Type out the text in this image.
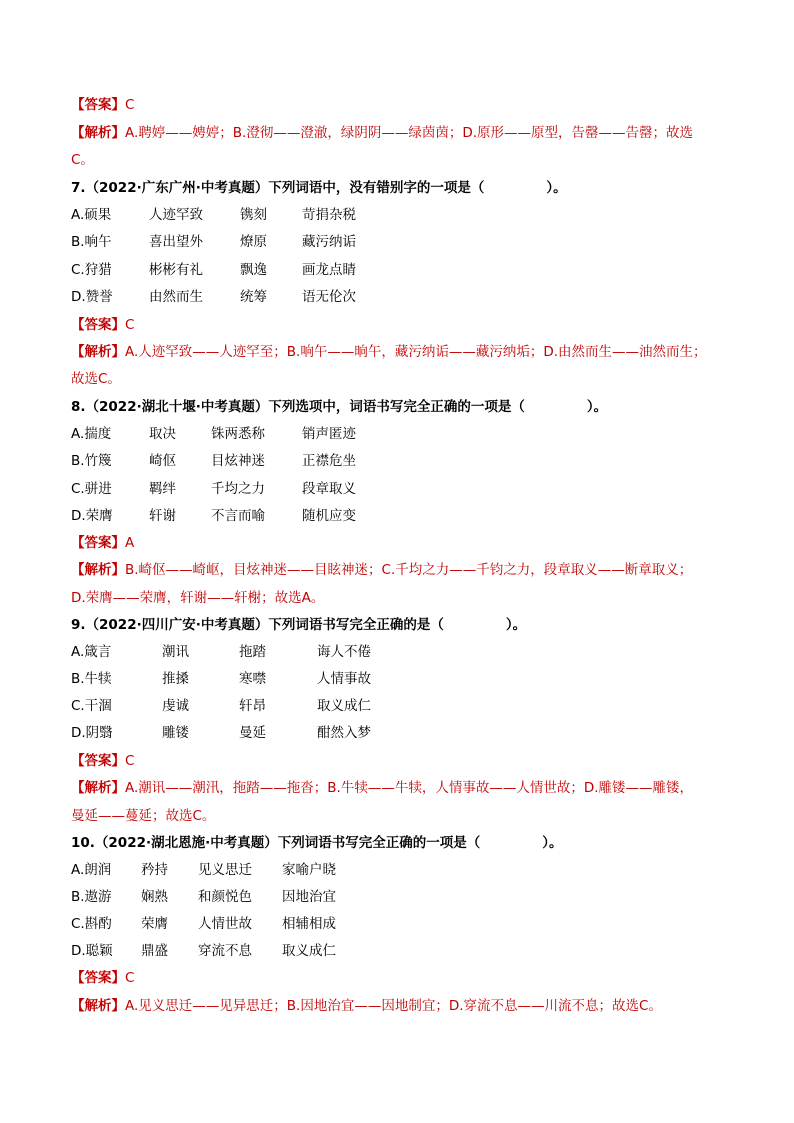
【答案】C
【解析】A.聘婷——娉婷；B.澄彻——澄澈，绿阴阴——绿茵茵；D.原形——原型，告罄——告罄；故选
C。
7.（2022·广东广州·中考真题）下列词语中，没有错别字的一项是（	）。
A.硕果	人迹罕致	镌刻	苛捐杂税
B.响午	喜出望外	燎原	藏污纳诟
C.狩猎	彬彬有礼	飘逸	画龙点睛
D.赞誉	由然而生	统筹	语无伦次
【答案】C
【解析】A.人迹罕致——人迹罕至；B.响午——晌午，藏污纳诟——藏污纳垢；D.由然而生——油然而生；
故选C。
8.（2022·湖北十堰·中考真题）下列选项中，词语书写完全正确的一项是（	）。
A.揣度	取决	铢两悉称	销声匿迹
B.竹篾	崎伛	目炫神迷	正襟危坐
C.骈进	羁绊	千均之力	段章取义
D.荣膺	轩谢	不言而喻	随机应变
【答案】A
【解析】B.崎伛——崎岖，目炫神迷——目眩神迷；C.千均之力——千钧之力，段章取义——断章取义；
D.荣膺——荣膺，轩谢——轩榭；故选A。
9.（2022·四川广安·中考真题）下列词语书写完全正确的是（	）。
A.箴言	潮讯	拖踏	诲人不倦
B.牛犊	推搡	寒噤	人情事故
C.干涸	虔诚	轩昂	取义成仁
D.阴翳	雕镂	曼延	酣然入梦
【答案】C
【解析】A.潮讯——潮汛，拖踏——拖沓；B.牛犊——牛犊，人情事故——人情世故；D.雕镂——雕镂，
曼延——蔓延；故选C。
10.（2022·湖北恩施·中考真题）下列词语书写完全正确的一项是（	）。
A.朗润 矜持 见义思迁 家喻户晓
B.遨游 娴熟 和颜悦色 因地治宜
C.斟酌 荣膺 人情世故 相辅相成
D.聪颖 鼎盛 穿流不息 取义成仁
【答案】C
【解析】A.见义思迁——见异思迁；B.因地治宜——因地制宜；D.穿流不息——川流不息；故选C。
